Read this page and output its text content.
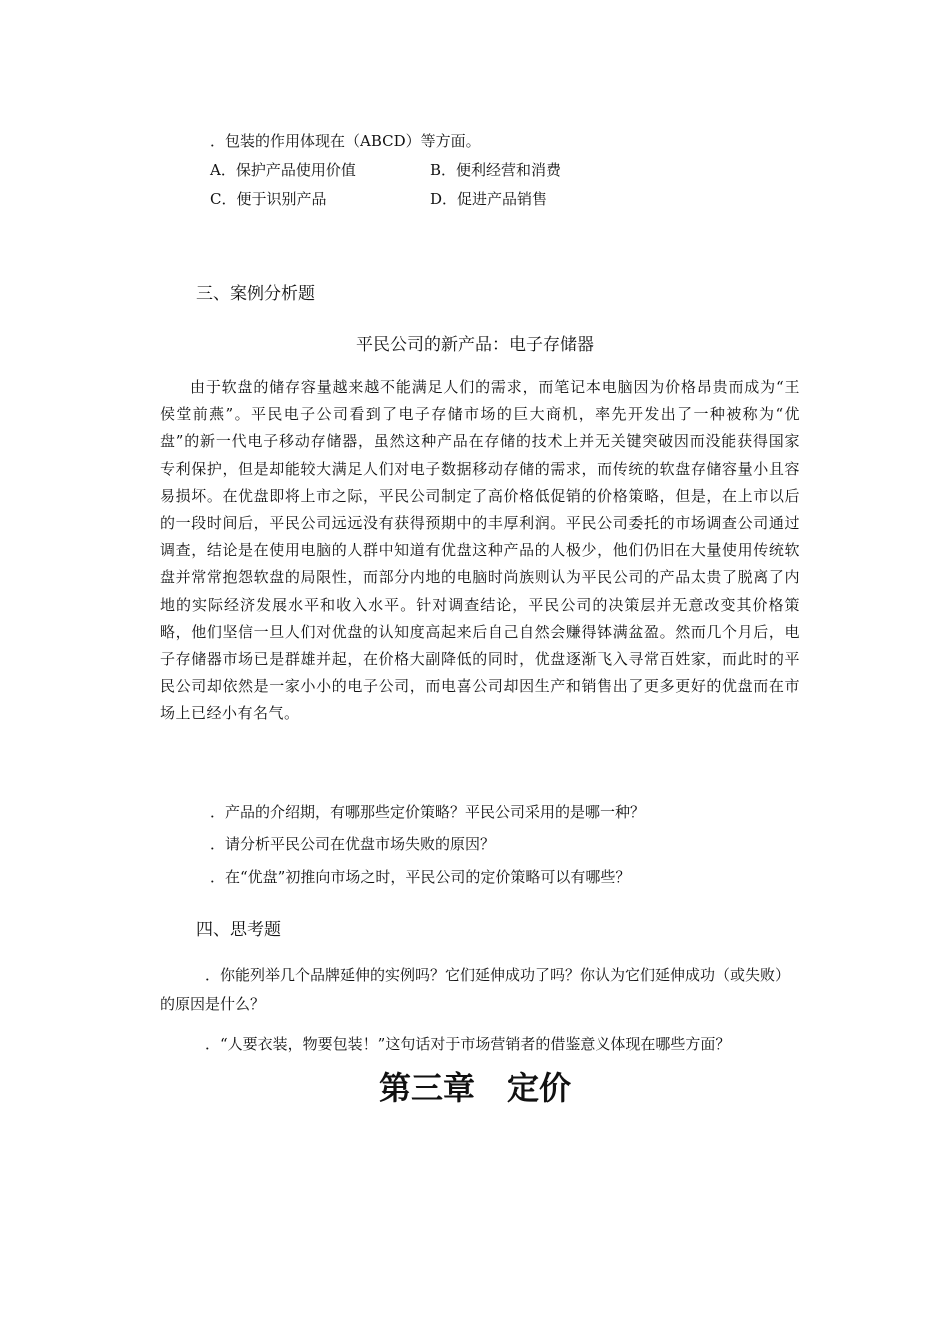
．包装的作用体现在（ABCD）等方面。
A．保护产品使用价值	B．便利经营和消费
C．便于识别产品	D．促进产品销售
三、案例分析题
平民公司的新产品：电子存储器

由于软盘的储存容量越来越不能满足人们的需求，而笔记本电脑因为价格昂贵而成为“王侯堂前燕”。平民电子公司看到了电子存储市场的巨大商机，率先开发出了一种被称为“优盘”的新一代电子移动存储器，虽然这种产品在存储的技术上并无关键突破因而没能获得国家专利保护，但是却能较大满足人们对电子数据移动存储的需求，而传统的软盘存储容量小且容易损坏。在优盘即将上市之际，平民公司制定了高价格低促销的价格策略，但是，在上市以后的一段时间后，平民公司远远没有获得预期中的丰厚利润。平民公司委托的市场调查公司通过调查，结论是在使用电脑的人群中知道有优盘这种产品的人极少，他们仍旧在大量使用传统软盘并常常抱怨软盘的局限性，而部分内地的电脑时尚族则认为平民公司的产品太贵了脱离了内地的实际经济发展水平和收入水平。针对调查结论，平民公司的决策层并无意改变其价格策略，他们坚信一旦人们对优盘的认知度高起来后自己自然会赚得钵满盆盈。然而几个月后，电子存储器市场已是群雄并起，在价格大副降低的同时，优盘逐渐飞入寻常百姓家，而此时的平民公司却依然是一家小小的电子公司，而电喜公司却因生产和销售出了更多更好的优盘而在市场上已经小有名气。

．产品的介绍期，有哪那些定价策略？平民公司采用的是哪一种？
．请分析平民公司在优盘市场失败的原因？
．在“优盘”初推向市场之时，平民公司的定价策略可以有哪些？
四、思考题

．你能列举几个品牌延伸的实例吗？它们延伸成功了吗？你认为它们延伸成功（或失败）的原因是什么？

．“人要衣装，物要包装！”这句话对于市场营销者的借鉴意义体现在哪些方面？

第三章　定价
